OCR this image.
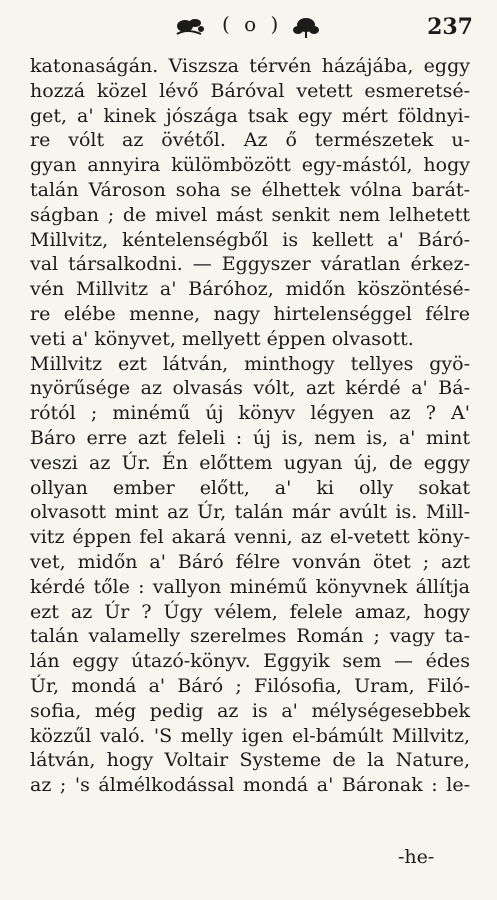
( o )	237
katonaságán. Viszsza térvén házájába, eggy
hozzá közel lévő Báróval vetett esmeretsé-
get, a' kinek jószága tsak egy mért földnyi-
re vólt az övétől. Az ő természetek u-
gyan annyira külömbözött egy-mástól, hogy
talán Városon soha se élhettek vólna barát-
ságban ; de mivel mást senkit nem lelhetett
Millvitz, kéntelenségből is kellett a' Báró-
val társalkodni. — Eggyszer váratlan érkez-
vén Millvitz a' Báróhoz, midőn köszöntésé-
re elébe menne, nagy hirtelenséggel félre
veti a' könyvet, mellyett éppen olvasott.
Millvitz ezt látván, minthogy tellyes gyö-
nyörűsége az olvasás vólt, azt kérdé a' Bá-
rótól ; minémű új könyv légyen az ? A'
Báro erre azt feleli : új is, nem is, a' mint
veszi az Úr. Én előttem ugyan új, de eggy
ollyan ember előtt, a' ki olly sokat
olvasott mint az Úr, talán már avúlt is. Mill-
vitz éppen fel akará venni, az el-vetett köny-
vet, midőn a' Báró félre vonván ötet ; azt
kérdé tőle : vallyon minémű könyvnek állítja
ezt az Úr ? Úgy vélem, felele amaz, hogy
talán valamelly szerelmes Román ; vagy ta-
lán eggy útazó-könyv. Eggyik sem — édes
Úr, mondá a' Báró ; Filósofia, Uram, Filó-
sofia, még pedig az is a' mélységesebbek
közzűl való. 'S melly igen el-bámúlt Millvitz,
látván, hogy Voltair Systeme de la Nature,
az ; 's álmélkodással mondá a' Báronak : le-
-he-
